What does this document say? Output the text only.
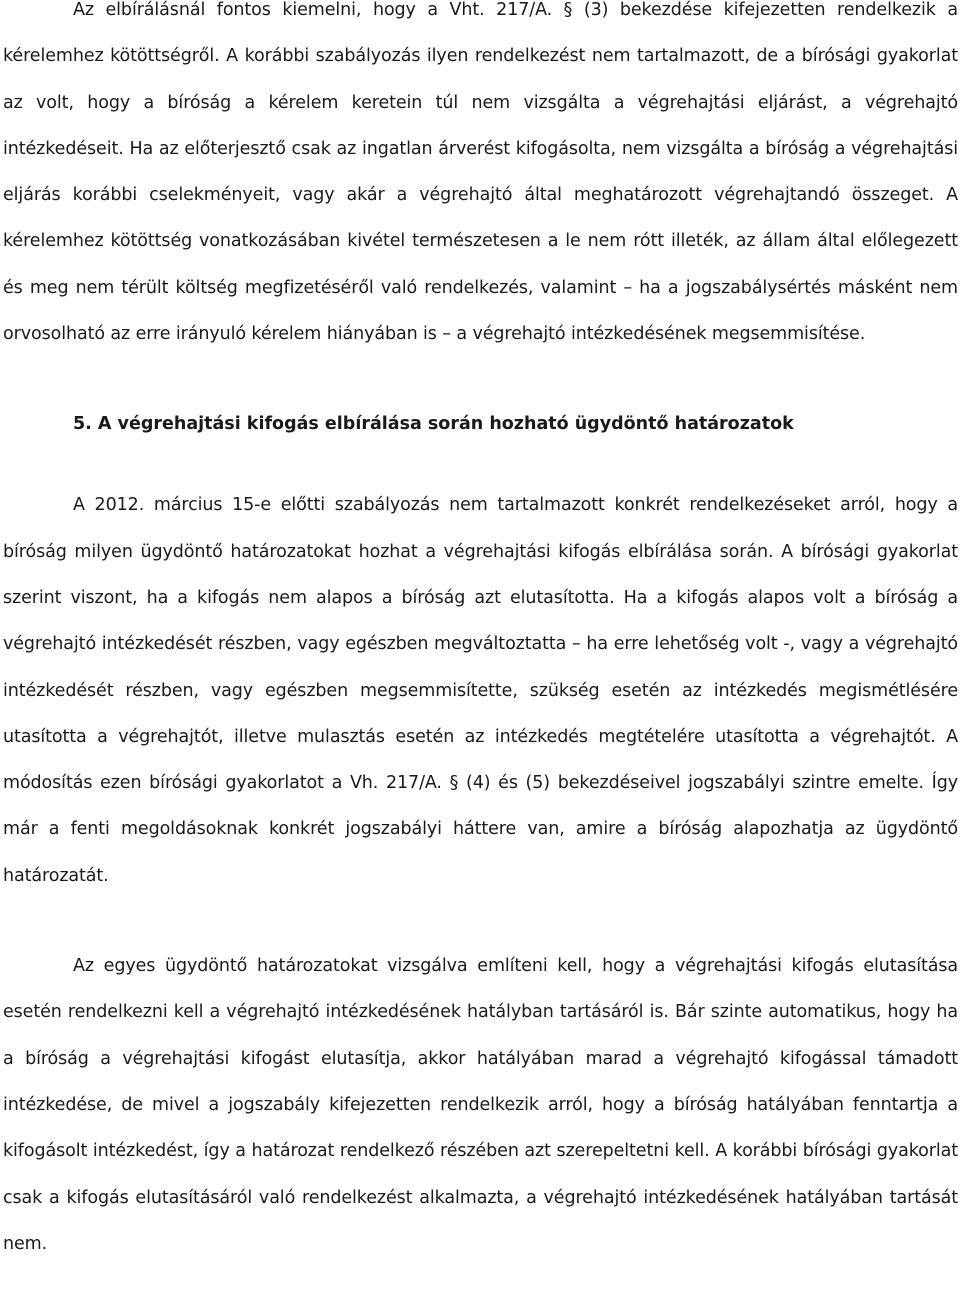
Az elbírálásnál fontos kiemelni, hogy a Vht. 217/A. § (3) bekezdése kifejezetten rendelkezik a kérelemhez kötöttségről. A korábbi szabályozás ilyen rendelkezést nem tartalmazott, de a bírósági gyakorlat az volt, hogy a bíróság a kérelem keretein túl nem vizsgálta a végrehajtási eljárást, a végrehajtó intézkedéseit. Ha az előterjesztő csak az ingatlan árverést kifogásolta, nem vizsgálta a bíróság a végrehajtási eljárás korábbi cselekményeit, vagy akár a végrehajtó által meghatározott végrehajtandó összeget. A kérelemhez kötöttség vonatkozásában kivétel természetesen a le nem rótt illeték, az állam által előlegezett és meg nem térült költség megfizetéséről való rendelkezés, valamint – ha a jogszabálysértés másként nem orvosolható az erre irányuló kérelem hiányában is – a végrehajtó intézkedésének megsemmisítése.

5. A végrehajtási kifogás elbírálása során hozható ügydöntő határozatok

A 2012. március 15-e előtti szabályozás nem tartalmazott konkrét rendelkezéseket arról, hogy a bíróság milyen ügydöntő határozatokat hozhat a végrehajtási kifogás elbírálása során. A bírósági gyakorlat szerint viszont, ha a kifogás nem alapos a bíróság azt elutasította. Ha a kifogás alapos volt a bíróság a végrehajtó intézkedését részben, vagy egészben megváltoztatta – ha erre lehetőség volt -, vagy a végrehajtó intézkedését részben, vagy egészben megsemmisítette, szükség esetén az intézkedés megismétlésére utasította a végrehajtót, illetve mulasztás esetén az intézkedés megtételére utasította a végrehajtót. A módosítás ezen bírósági gyakorlatot a Vh. 217/A. § (4) és (5) bekezdéseivel jogszabályi szintre emelte. Így már a fenti megoldásoknak konkrét jogszabályi háttere van, amire a bíróság alapozhatja az ügydöntő határozatát.

Az egyes ügydöntő határozatokat vizsgálva említeni kell, hogy a végrehajtási kifogás elutasítása esetén rendelkezni kell a végrehajtó intézkedésének hatályban tartásáról is. Bár szinte automatikus, hogy ha a bíróság a végrehajtási kifogást elutasítja, akkor hatályában marad a végrehajtó kifogással támadott intézkedése, de mivel a jogszabály kifejezetten rendelkezik arról, hogy a bíróság hatályában fenntartja a kifogásolt intézkedést, így a határozat rendelkező részében azt szerepeltetni kell. A korábbi bírósági gyakorlat csak a kifogás elutasításáról való rendelkezést alkalmazta, a végrehajtó intézkedésének hatályában tartását nem.
